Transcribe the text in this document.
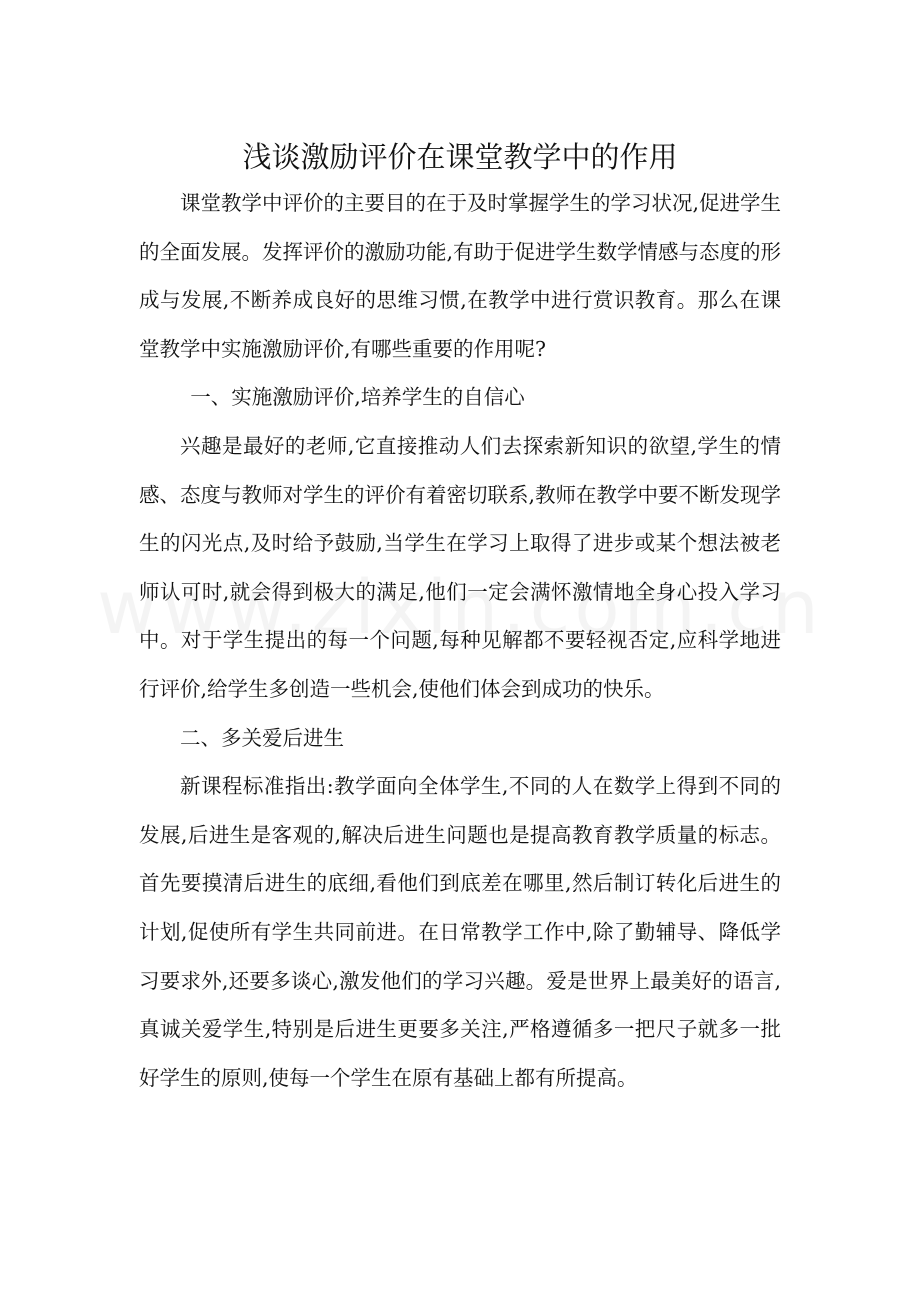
浅谈激励评价在课堂教学中的作用

课堂教学中评价的主要目的在于及时掌握学生的学习状况,促进学生的全面发展。发挥评价的激励功能,有助于促进学生数学情感与态度的形成与发展,不断养成良好的思维习惯,在教学中进行赏识教育。那么在课堂教学中实施激励评价,有哪些重要的作用呢?

一、实施激励评价,培养学生的自信心

兴趣是最好的老师,它直接推动人们去探索新知识的欲望,学生的情感、态度与教师对学生的评价有着密切联系,教师在教学中要不断发现学生的闪光点,及时给予鼓励,当学生在学习上取得了进步或某个想法被老师认可时,就会得到极大的满足,他们一定会满怀激情地全身心投入学习中。对于学生提出的每一个问题,每种见解都不要轻视否定,应科学地进行评价,给学生多创造一些机会,使他们体会到成功的快乐。

二、多关爱后进生

新课程标准指出:教学面向全体学生,不同的人在数学上得到不同的发展,后进生是客观的,解决后进生问题也是提高教育教学质量的标志。首先要摸清后进生的底细,看他们到底差在哪里,然后制订转化后进生的计划,促使所有学生共同前进。在日常教学工作中,除了勤辅导、降低学习要求外,还要多谈心,激发他们的学习兴趣。爱是世界上最美好的语言,真诚关爱学生,特别是后进生更要多关注,严格遵循多一把尺子就多一批好学生的原则,使每一个学生在原有基础上都有所提高。
